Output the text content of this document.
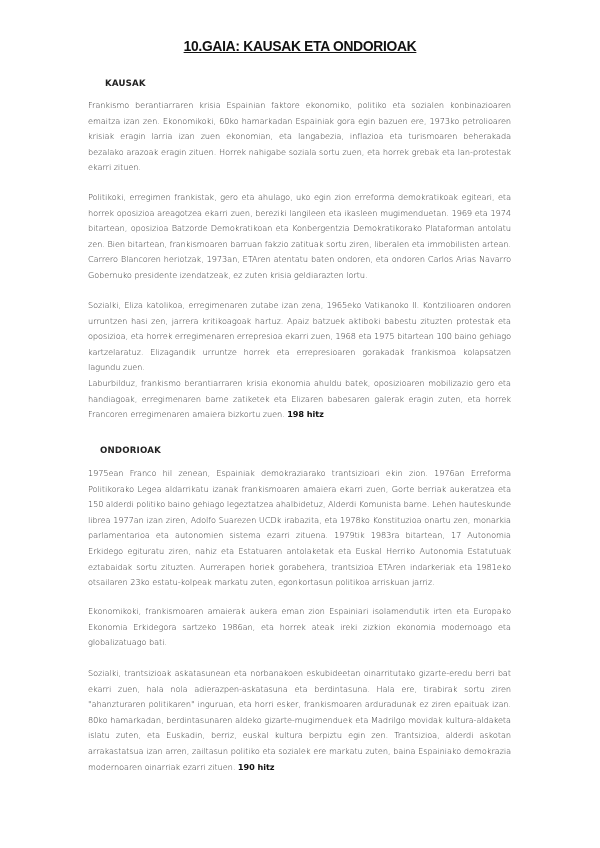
10.GAIA: KAUSAK ETA ONDORIOAK
KAUSAK

Frankismo berantiarraren krisia Espainian faktore ekonomiko, politiko eta sozialen konbinazioaren emaitza izan zen. Ekonomikoki, 60ko hamarkadan Espainiak gora egin bazuen ere, 1973ko petrolioaren krisiak eragin larria izan zuen ekonomian, eta langabezia, inflazioa eta turismoaren beherakada bezalako arazoak eragin zituen. Horrek nahigabe soziala sortu zuen, eta horrek grebak eta lan-protestak ekarri zituen.

Politikoki, erregimen frankistak, gero eta ahulago, uko egin zion erreforma demokratikoak egiteari, eta horrek oposizioa areagotzea ekarri zuen, bereziki langileen eta ikasleen mugimenduetan. 1969 eta 1974 bitartean, oposizioa Batzorde Demokratikoan eta Konbergentzia Demokratikorako Plataforman antolatu zen. Bien bitartean, frankismoaren barruan fakzio zatituak sortu ziren, liberalen eta immobilisten artean. Carrero Blancoren heriotzak, 1973an, ETAren atentatu baten ondoren, eta ondoren Carlos Arias Navarro Gobernuko presidente izendatzeak, ez zuten krisia geldiarazten lortu.

Sozialki, Eliza katolikoa, erregimenaren zutabe izan zena, 1965eko Vatikanoko II. Kontzilioaren ondoren urruntzen hasi zen, jarrera kritikoagoak hartuz. Apaiz batzuek aktiboki babestu zituzten protestak eta oposizioa, eta horrek erregimenaren errepresioa ekarri zuen, 1968 eta 1975 bitartean 100 baino gehiago kartzelaratuz. Elizagandik urruntze horrek eta errepresioaren gorakadak frankismoa kolapsatzen lagundu zuen.

Laburbilduz, frankismo berantiarraren krisia ekonomia ahuldu batek, oposizioaren mobilizazio gero eta handiagoak, erregimenaren barne zatiketek eta Elizaren babesaren galerak eragin zuten, eta horrek Francoren erregimenaren amaiera bizkortu zuen. 198 hitz

ONDORIOAK

1975ean Franco hil zenean, Espainiak demokraziarako trantsizioari ekin zion. 1976an Erreforma Politikorako Legea aldarrikatu izanak frankismoaren amaiera ekarri zuen, Gorte berriak aukeratzea eta 150 alderdi politiko baino gehiago legeztatzea ahalbidetuz, Alderdi Komunista barne. Lehen hauteskunde librea 1977an izan ziren, Adolfo Suarezen UCDk irabazita, eta 1978ko Konstituzioa onartu zen, monarkia parlamentarioa eta autonomien sistema ezarri zituena. 1979tik 1983ra bitartean, 17 Autonomia Erkidego egituratu ziren, nahiz eta Estatuaren antolaketak eta Euskal Herriko Autonomia Estatutuak eztabaidak sortu zituzten. Aurrerapen horiek gorabehera, trantsizioa ETAren indarkeriak eta 1981eko otsailaren 23ko estatu-kolpeak markatu zuten, egonkortasun politikoa arriskuan jarriz.

Ekonomikoki, frankismoaren amaierak aukera eman zion Espainiari isolamendutik irten eta Europako Ekonomia Erkidegora sartzeko 1986an, eta horrek ateak ireki zizkion ekonomia modernoago eta globalizatuago bati.

Sozialki, trantsizioak askatasunean eta norbanakoen eskubideetan oinarritutako gizarte-eredu berri bat ekarri zuen, hala nola adierazpen-askatasuna eta berdintasuna. Hala ere, tirabirak sortu ziren "ahanzturaren politikaren" inguruan, eta horri esker, frankismoaren arduradunak ez ziren epaituak izan. 80ko hamarkadan, berdintasunaren aldeko gizarte-mugimenduek eta Madrilgo movidak kultura-aldaketa islatu zuten, eta Euskadin, berriz, euskal kultura berpiztu egin zen. Trantsizioa, alderdi askotan arrakastatsua izan arren, zailtasun politiko eta sozialek ere markatu zuten, baina Espainiako demokrazia modernoaren oinarriak ezarri zituen. 190 hitz
